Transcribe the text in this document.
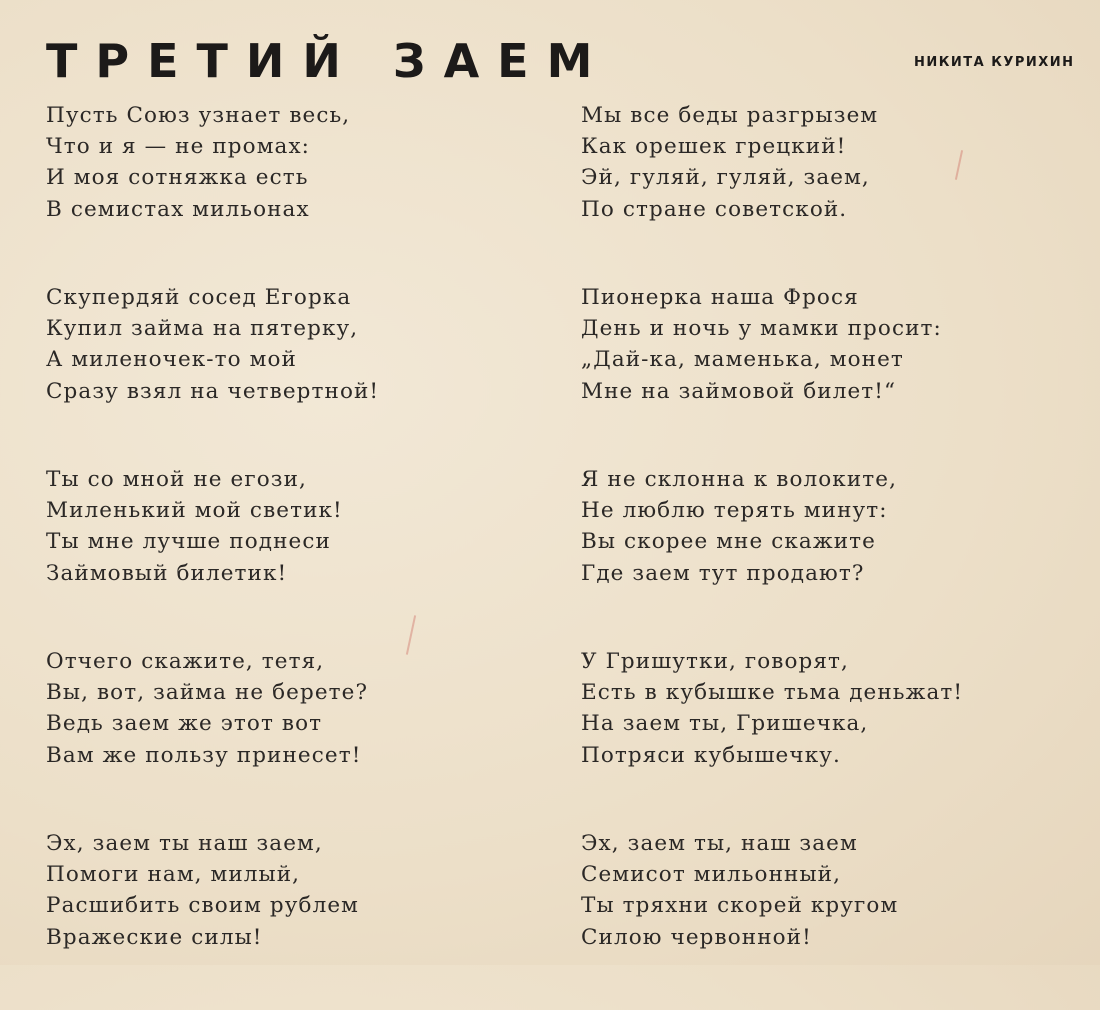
ТРЕТИЙ ЗАЕМ	НИКИТА КУРИХИН
Пусть Союз узнает весь,
Что и я — не промах:
И моя сотняжка есть
В семистах мильонах
Скупердяй сосед Егорка
Купил займа на пятерку,
А миленочек-то мой
Сразу взял на четвертной!
Ты со мной не егози,
Миленький мой светик!
Ты мне лучше поднеси
Займовый билетик!
Отчего скажите, тетя,
Вы, вот, займа не берете?
Ведь заем же этот вот
Вам же пользу принесет!
Эх, заем ты наш заем,
Помоги нам, милый,
Расшибить своим рублем
Вражеские силы!
Мы все беды разгрызем
Как орешек грецкий!
Эй, гуляй, гуляй, заем,
По стране советской.
Пионерка наша Фрося
День и ночь у мамки просит:
„Дай-ка, маменька, монет
Мне на займовой билет!“
Я не склонна к волоките,
Не люблю терять минут:
Вы скорее мне скажите
Где заем тут продают?
У Гришутки, говорят,
Есть в кубышке тьма деньжат!
На заем ты, Гришечка,
Потряси кубышечку.
Эх, заем ты, наш заем
Семисот мильонный,
Ты тряхни скорей кругом
Силою червонной!
